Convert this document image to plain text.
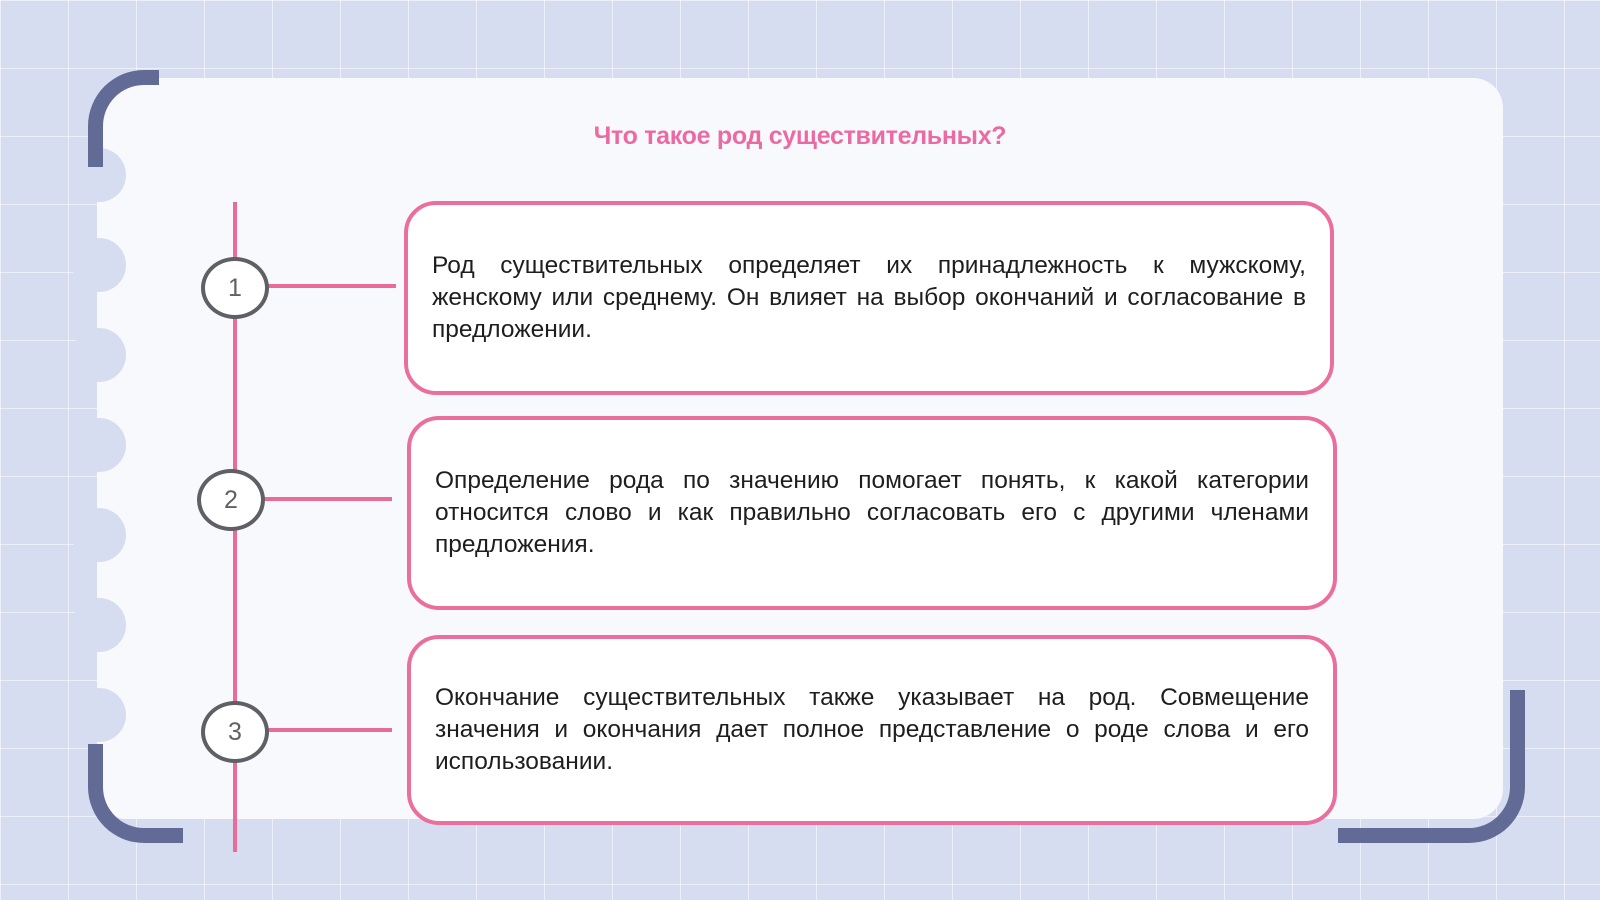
Что такое род существительных?
1
2
3
Род существительных определяет их принадлежность к мужскому, женскому или среднему. Он влияет на выбор окончаний и согласование в предложении.
Определение рода по значению помогает понять, к какой категории относится слово и как правильно согласовать его с другими членами предложения.
Окончание существительных также указывает на род. Совмещение значения и окончания дает полное представление о роде слова и его использовании.
